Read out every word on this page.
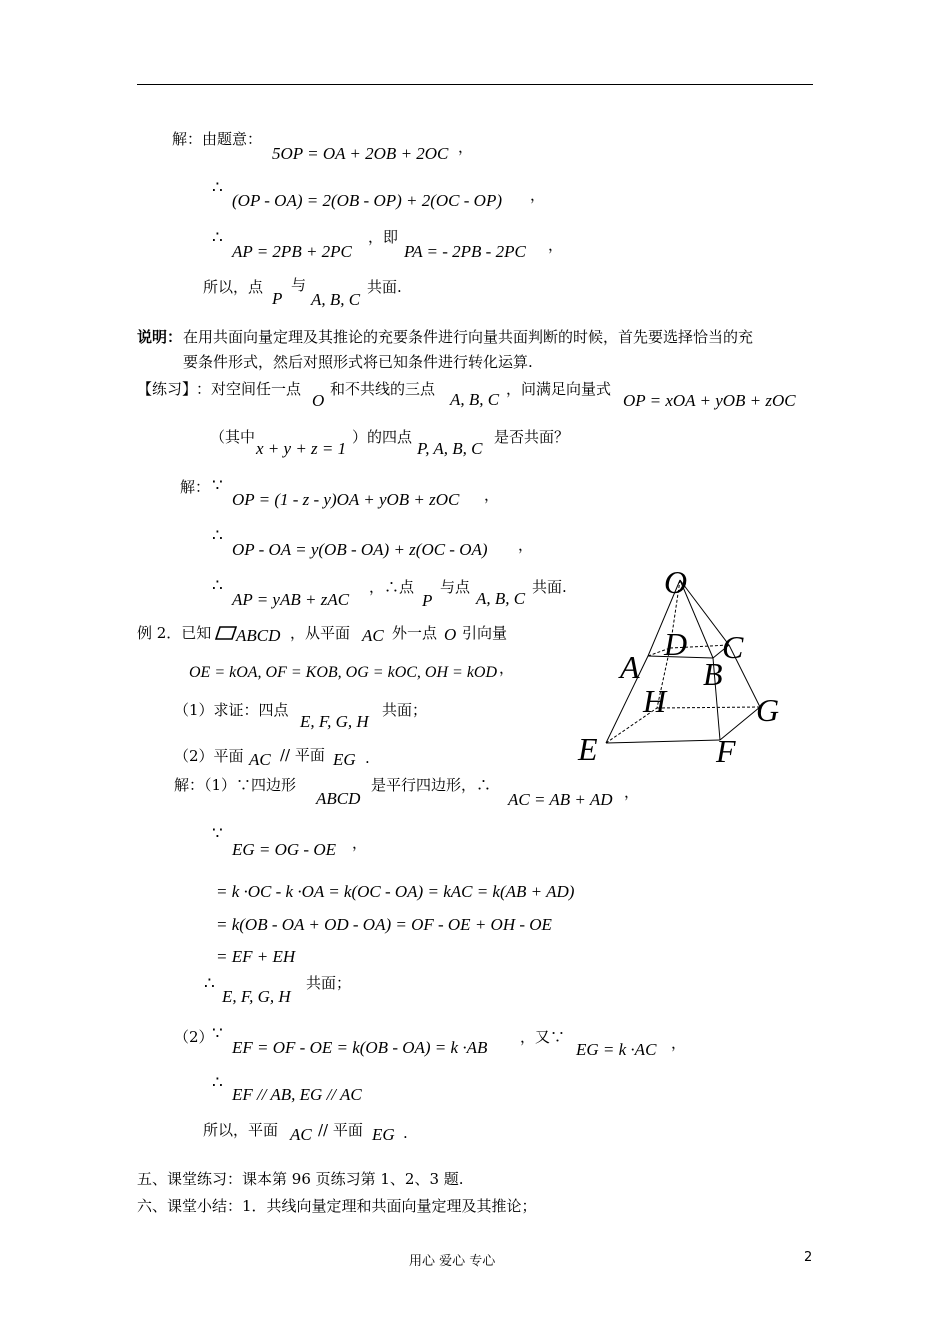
解：由题意：
5OP = OA + 2OB + 2OC ，
∴
(OP - OA) = 2(OB - OP) + 2(OC - OP) ，
∴
AP = 2PB + 2PC
，即
PA = - 2PB - 2PC ，
所以，点
P
与
A, B, C
共面.
说明： 在用共面向量定理及其推论的充要条件进行向量共面判断的时候，首先要选择恰当的充
要条件形式，然后对照形式将已知条件进行转化运算.
【练习】
：对空间任一点
O
和不共线的三点
A, B, C
，问满足向量式
OP = xOA + yOB + zOC
（其中
x + y + z = 1
）的四点
P, A, B, C
是否共面？
解： ∵
OP = (1 - z - y)OA + yOB + zOC ，
∴
OP - OA = y(OB - OA) + z(OC - OA) ，
∴
AP = yAB + zAC
，∴点
P
与点
A, B, C
共面.
例 2．已知 ABCD ，从平面 AC 外一点 O 引向量
OE = kOA, OF = KOB, OG = kOC, OH = kOD ，
（1）求证：四点
E, F, G, H
共面；
（2）平面 AC // 平面 EG .
解：（1）∵四边形
ABCD
是平行四边形，∴
AC = AB + AD ，
∵
EG = OG - OE ，
= k ·OC - k ·OA = k(OC - OA) = kAC = k(AB + AD)
= k(OB - OA + OD - OA) = OF - OE + OH - OE
= EF + EH
∴
E, F, G, H
共面；
（2）
∵
EF = OF - OE = k(OB - OA) = k ·AB
，又∵
EG = k ·AC ，
∴
EF // AB, EG // AC
所以，平面 AC // 平面 EG .
五、课堂练习：课本第 96 页练习第 1、2、3 题.
六、课堂小结：1．共线向量定理和共面向量定理及其推论；
O
D C
A B
H	G
E	F
用心 爱心 专心	2
